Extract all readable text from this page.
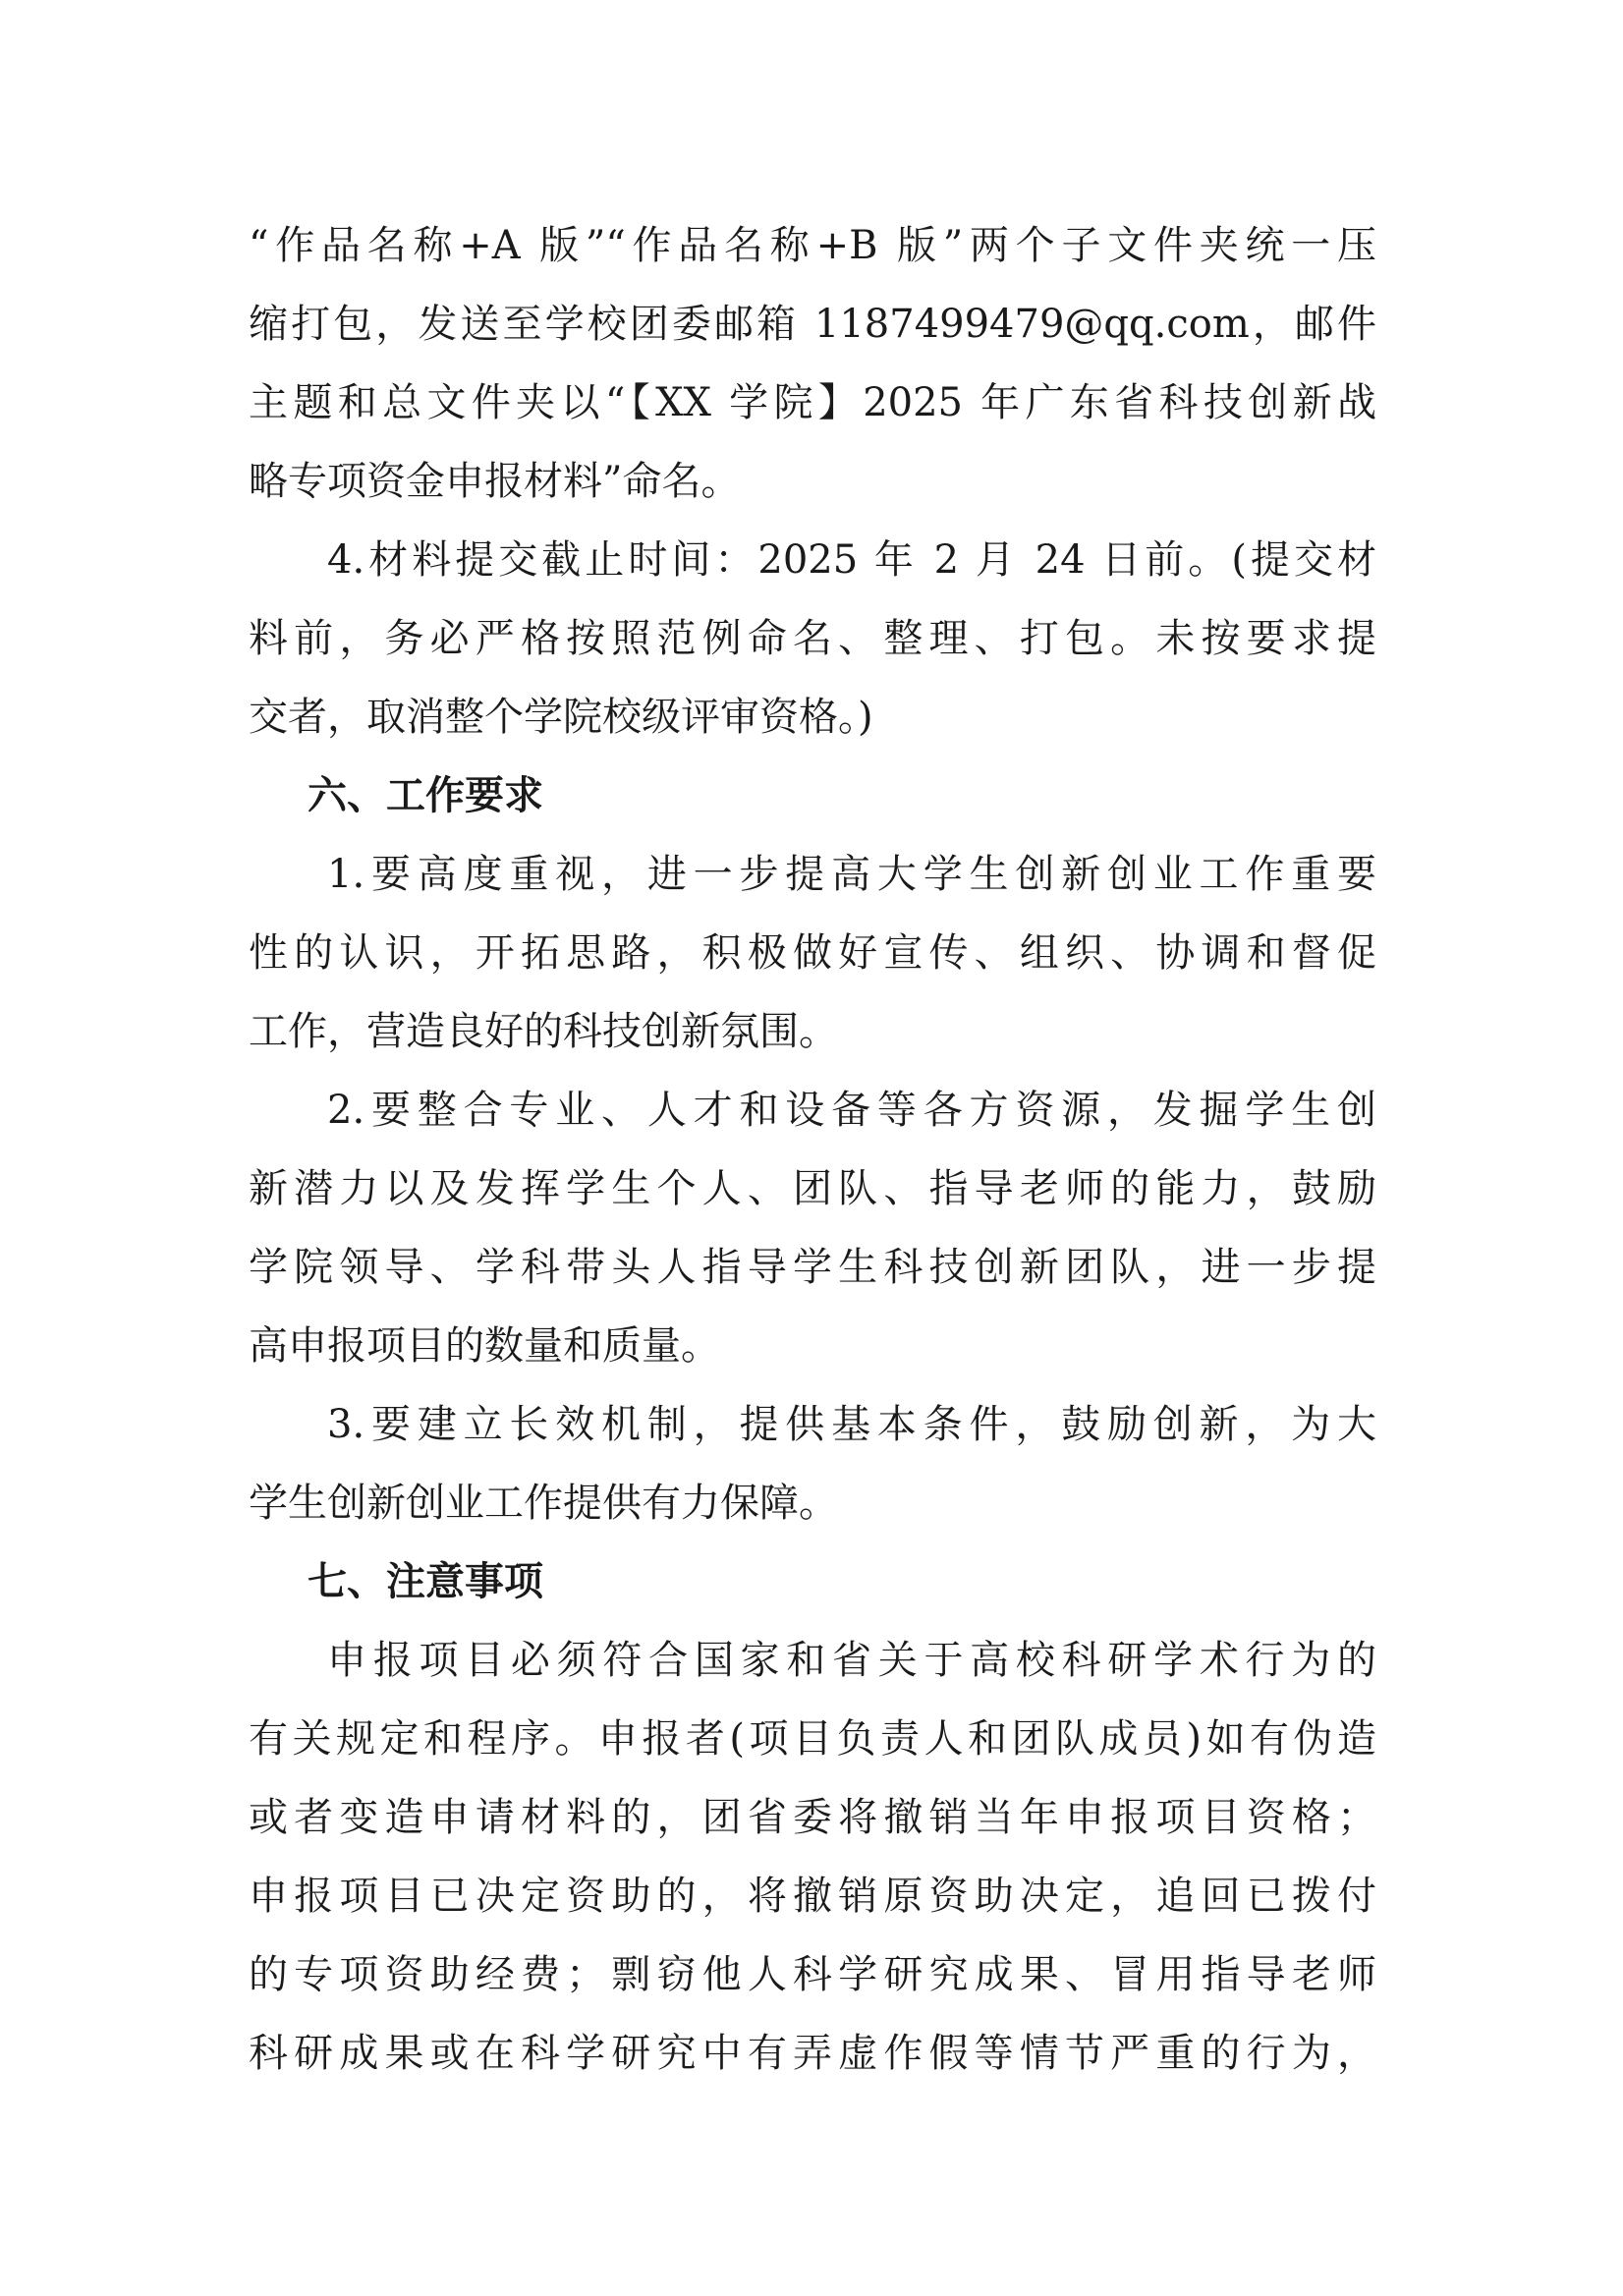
“作品名称+A 版”“作品名称+B 版”两个子文件夹统一压
缩打包，发送至学校团委邮箱 1187499479@qq.com，邮件
主题和总文件夹以“【XX 学院】2025 年广东省科技创新战
略专项资金申报材料”命名。
4.材料提交截止时间：2025 年 2 月 24 日前。(提交材
料前，务必严格按照范例命名、整理、打包。未按要求提
交者，取消整个学院校级评审资格。)
六、工作要求
1.要高度重视，进一步提高大学生创新创业工作重要
性的认识，开拓思路，积极做好宣传、组织、协调和督促
工作，营造良好的科技创新氛围。
2.要整合专业、人才和设备等各方资源，发掘学生创
新潜力以及发挥学生个人、团队、指导老师的能力，鼓励
学院领导、学科带头人指导学生科技创新团队，进一步提
高申报项目的数量和质量。
3.要建立长效机制，提供基本条件，鼓励创新，为大
学生创新创业工作提供有力保障。
七、注意事项
申报项目必须符合国家和省关于高校科研学术行为的
有关规定和程序。申报者(项目负责人和团队成员)如有伪造
或者变造申请材料的，团省委将撤销当年申报项目资格；
申报项目已决定资助的，将撤销原资助决定，追回已拨付
的专项资助经费；剽窃他人科学研究成果、冒用指导老师
科研成果或在科学研究中有弄虚作假等情节严重的行为，
